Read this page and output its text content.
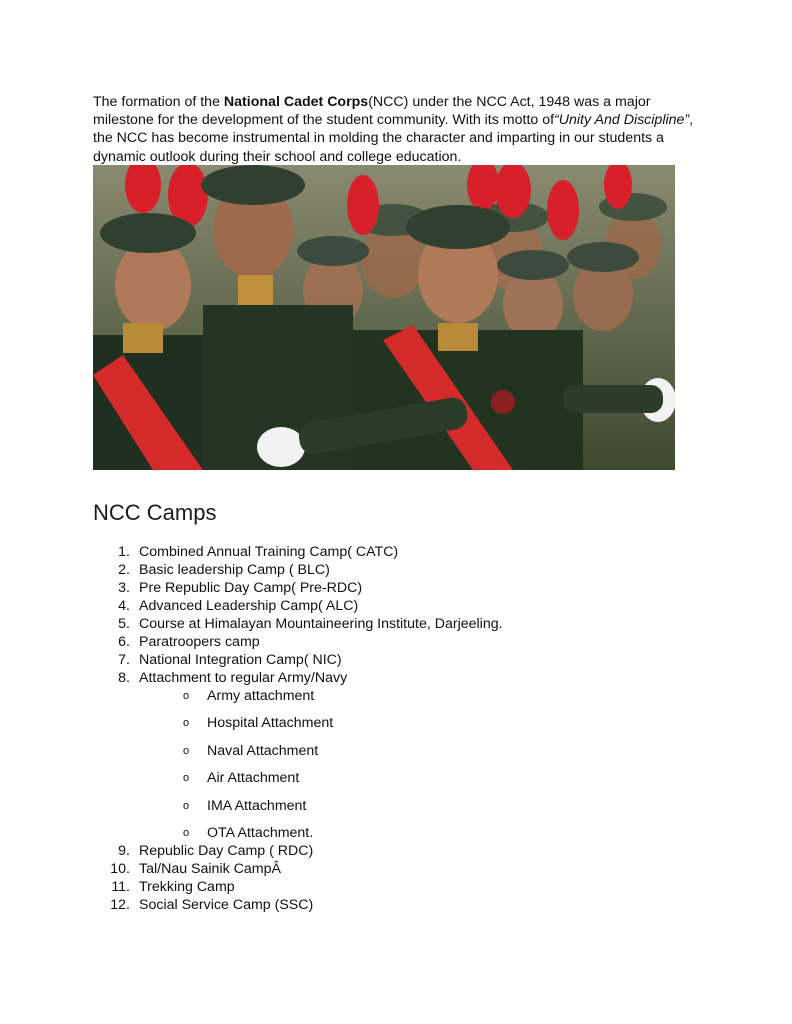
The formation of the National Cadet Corps(NCC) under the NCC Act, 1948 was a major milestone for the development of the student community. With its motto of“Unity And Discipline”, the NCC has become instrumental in molding the character and imparting in our students a dynamic outlook during their school and college education.

NCC Camps
1. Combined Annual Training Camp( CATC)
2. Basic leadership Camp ( BLC)
3. Pre Republic Day Camp( Pre-RDC)
4. Advanced Leadership Camp( ALC)
5. Course at Himalayan Mountaineering Institute, Darjeeling.
6. Paratroopers camp
7. National Integration Camp( NIC)
8. Attachment to regular Army/Navy
o Army attachment
o Hospital Attachment
o Naval Attachment
o Air Attachment
o IMA Attachment
o OTA Attachment.
9. Republic Day Camp ( RDC)
10. Tal/Nau Sainik CampÂ
11. Trekking Camp
12. Social Service Camp (SSC)
